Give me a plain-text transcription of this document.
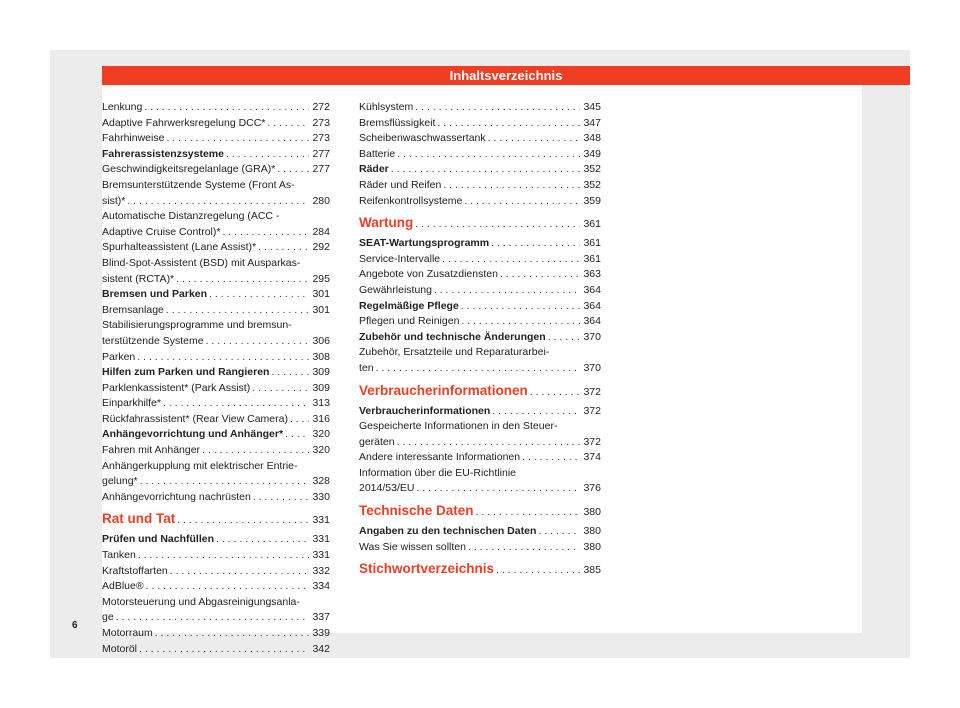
Inhaltsverzeichnis
Lenkung . . .	272
Adaptive Fahrwerksregelung DCC* . . .	273
Fahrhinweise . . .	273
Fahrerassistenzsysteme . . .	277
Geschwindigkeitsregelanlage (GRA)* . . .	277
Bremsunterstützende Systeme (Front As-
sist)* . . .	280
Automatische Distanzregelung (ACC -
Adaptive Cruise Control)* . . .	284
Spurhalteassistent (Lane Assist)* . . .	292
Blind-Spot-Assistent (BSD) mit Ausparkas-
sistent (RCTA)* . . .	295
Bremsen und Parken . . .	301
Bremsanlage . . .	301
Stabilisierungsprogramme und bremsun-
terstützende Systeme . . .	306
Parken . . .	308
Hilfen zum Parken und Rangieren . . .	309
Parklenkassistent* (Park Assist) . . .	309
Einparkhilfe* . . .	313
Rückfahrassistent* (Rear View Camera) . . . 316
Anhängevorrichtung und Anhänger* . . .	320
Fahren mit Anhänger . . .	320
Anhängerkupplung mit elektrischer Entrie-
gelung* . . .	328
Anhängevorrichtung nachrüsten . . .	330
Rat und Tat . . .	331
Prüfen und Nachfüllen . . .	331
Tanken . . .	331
Kraftstoffarten . . .	332
AdBlue® . . .	334
Motorsteuerung und Abgasreinigungsanla-
ge . . .	337
Motorraum . . .	339
Motoröl . . .	342
Kühlsystem . . .	345
Bremsflüssigkeit . . .	347
Scheibenwaschwassertank . . .	348
Batterie . . .	349
Räder . . .	352
Räder und Reifen . . .	352
Reifenkontrollsysteme . . .	359
Wartung . . .	361
SEAT-Wartungsprogramm . . .	361
Service-Intervalle . . .	361
Angebote von Zusatzdiensten . . .	363
Gewährleistung . . .	364
Regelmäßige Pflege . . .	364
Pflegen und Reinigen . . .	364
Zubehör und technische Änderungen . . .	370
Zubehör, Ersatzteile und Reparaturarbei-
ten . . .	370
Verbraucherinformationen . . .	372
Verbraucherinformationen . . .	372
Gespeicherte Informationen in den Steuer-
geräten . . .	372
Andere interessante Informationen . . .	374
Information über die EU-Richtlinie
2014/53/EU . . .	376
Technische Daten . . .	380
Angaben zu den technischen Daten . . .	380
Was Sie wissen sollten . . .	380
Stichwortverzeichnis . . .	385
6
